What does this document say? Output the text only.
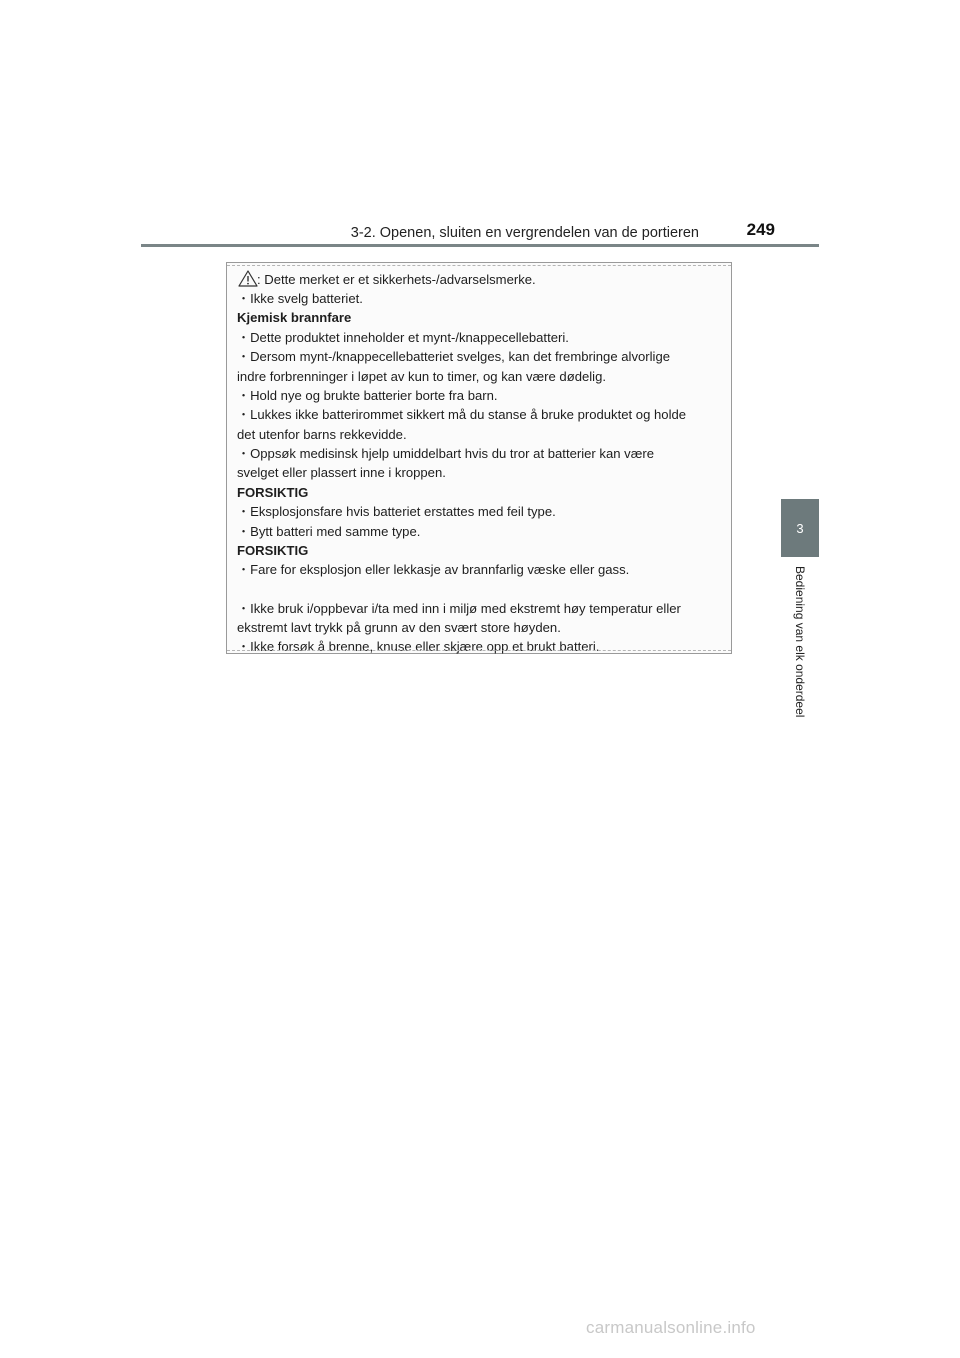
3-2. Openen, sluiten en vergrendelen van de portieren	249
3
Bediening van elk onderdeel
: Dette merket er et sikkerhets-/advarselsmerke.
・Ikke svelg batteriet.
Kjemisk brannfare
・Dette produktet inneholder et mynt-/knappecellebatteri.
・Dersom mynt-/knappecellebatteriet svelges, kan det frembringe alvorlige
indre forbrenninger i løpet av kun to timer, og kan være dødelig.
・Hold nye og brukte batterier borte fra barn.
・Lukkes ikke batterirommet sikkert må du stanse å bruke produktet og holde
det utenfor barns rekkevidde.
・Oppsøk medisinsk hjelp umiddelbart hvis du tror at batterier kan være
svelget eller plassert inne i kroppen.
FORSIKTIG
・Eksplosjonsfare hvis batteriet erstattes med feil type.
・Bytt batteri med samme type.
FORSIKTIG
・Fare for eksplosjon eller lekkasje av brannfarlig væske eller gass.
・Ikke bruk i/oppbevar i/ta med inn i miljø med ekstremt høy temperatur eller
ekstremt lavt trykk på grunn av den svært store høyden.
・Ikke forsøk å brenne, knuse eller skjære opp et brukt batteri.
carmanualsonline.info
